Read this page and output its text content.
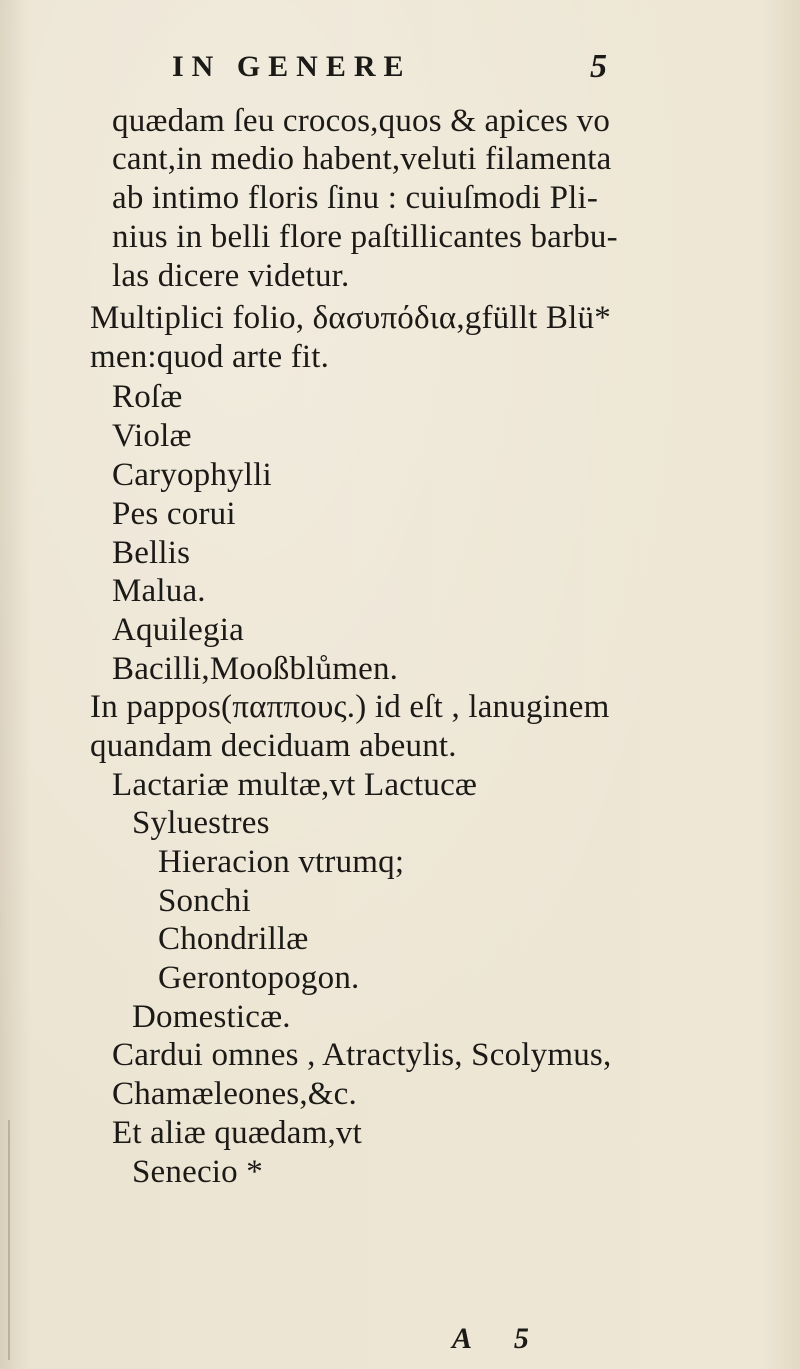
IN GENERE	5
quædam ſeu crocos,quos & apices vo
cant,in medio habent,veluti filamenta
ab intimo floris ſinu : cuiuſmodi Pli-
nius in belli flore paſtillicantes barbu-
las dicere videtur.
Multiplici folio, δασυπόδια,gfüllt Blü*
men:quod arte fit.
Roſæ
Violæ
Caryophylli
Pes corui
Bellis
Malua.
Aquilegia
Bacilli,Mooßblůmen.
In pappos(παππους.) id eſt , lanuginem
quandam deciduam abeunt.
Lactariæ multæ,vt Lactucæ
Syluestres
Hieracion vtrumq;
Sonchi
Chondrillæ
Gerontopogon.
Domesticæ.
Cardui omnes , Atractylis, Scolymus,
Chamæleones,&c.
Et aliæ quædam,vt
Senecio *
A 5
